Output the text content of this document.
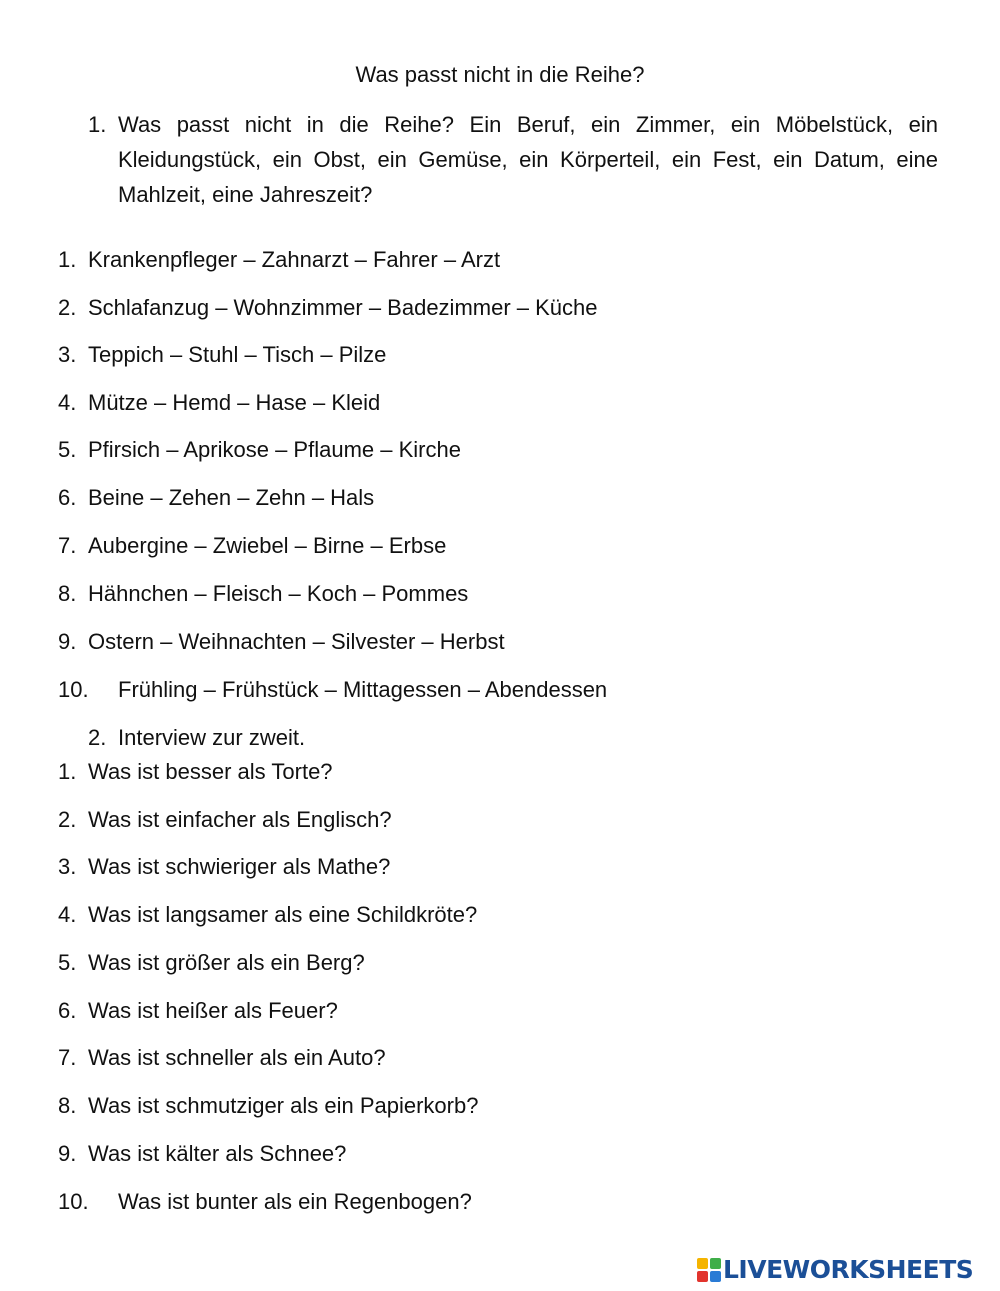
Was passt nicht in die Reihe?
1. Was passt nicht in die Reihe? Ein Beruf, ein Zimmer, ein Möbelstück, ein Kleidungstück, ein Obst, ein Gemüse, ein Körperteil, ein Fest, ein Datum, eine Mahlzeit, eine Jahreszeit?
1. Krankenpfleger – Zahnarzt – Fahrer – Arzt
2. Schlafanzug – Wohnzimmer – Badezimmer – Küche
3. Teppich – Stuhl – Tisch – Pilze
4. Mütze – Hemd – Hase – Kleid
5. Pfirsich – Aprikose – Pflaume – Kirche
6. Beine – Zehen – Zehn – Hals
7. Aubergine – Zwiebel – Birne – Erbse
8. Hähnchen – Fleisch – Koch – Pommes
9. Ostern – Weihnachten – Silvester – Herbst
10. Frühling – Frühstück – Mittagessen – Abendessen
2. Interview zur zweit.
1. Was ist besser als Torte?
2. Was ist einfacher als Englisch?
3. Was ist schwieriger als Mathe?
4. Was ist langsamer als eine Schildkröte?
5. Was ist größer als ein Berg?
6. Was ist heißer als Feuer?
7. Was ist schneller als ein Auto?
8. Was ist schmutziger als ein Papierkorb?
9. Was ist kälter als Schnee?
10. Was ist bunter als ein Regenbogen?
LIVEWORKSHEETS
